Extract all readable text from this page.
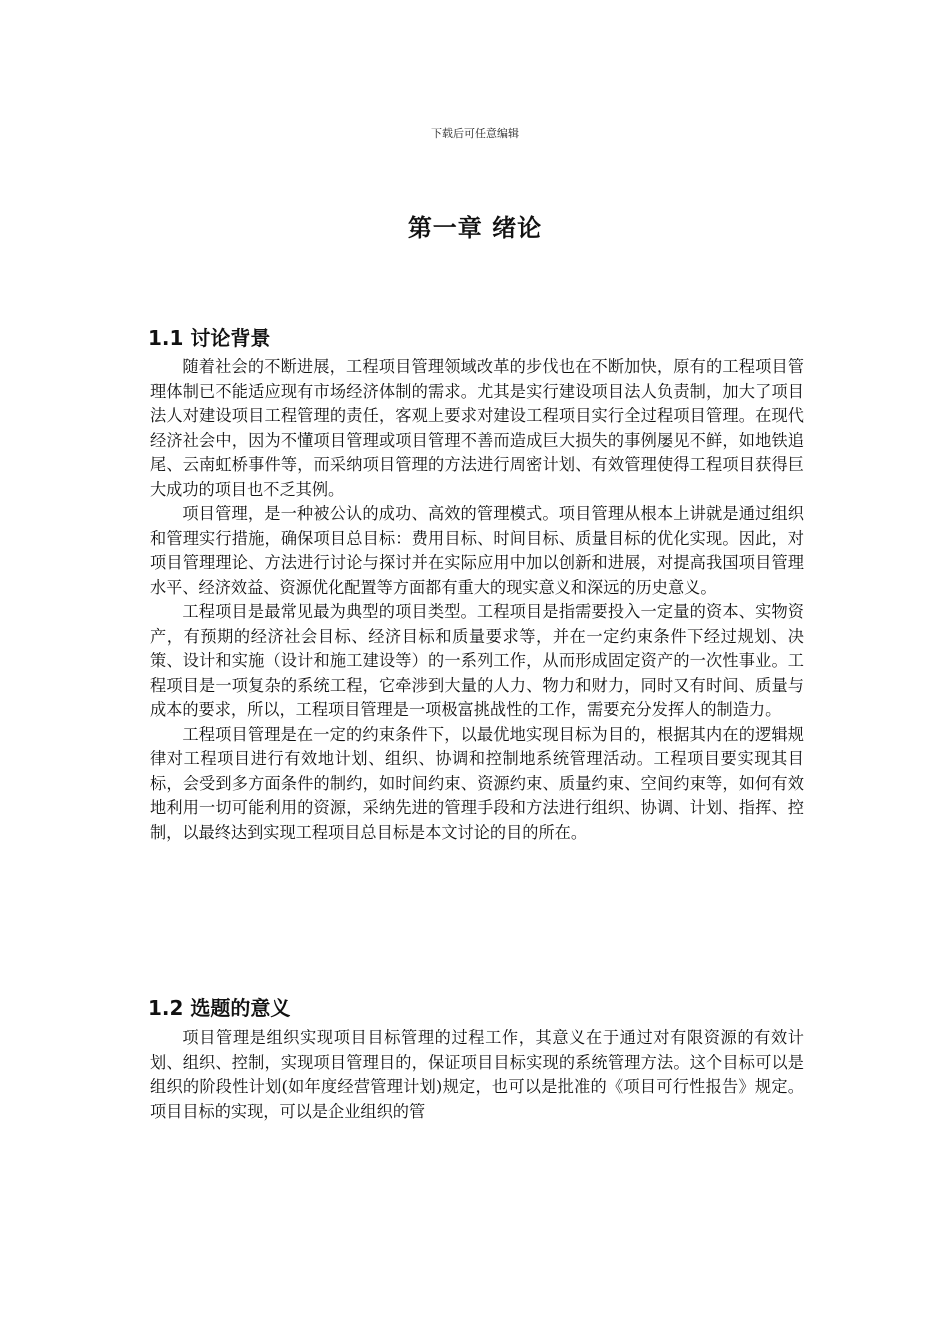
下载后可任意编辑
第一章 绪论
1.1 讨论背景

随着社会的不断进展，工程项目管理领域改革的步伐也在不断加快，原有的工程项目管理体制已不能适应现有市场经济体制的需求。尤其是实行建设项目法人负责制，加大了项目法人对建设项目工程管理的责任，客观上要求对建设工程项目实行全过程项目管理。在现代经济社会中，因为不懂项目管理或项目管理不善而造成巨大损失的事例屡见不鲜，如地铁追尾、云南虹桥事件等，而采纳项目管理的方法进行周密计划、有效管理使得工程项目获得巨大成功的项目也不乏其例。

项目管理，是一种被公认的成功、高效的管理模式。项目管理从根本上讲就是通过组织和管理实行措施，确保项目总目标：费用目标、时间目标、质量目标的优化实现。因此，对项目管理理论、方法进行讨论与探讨并在实际应用中加以创新和进展，对提高我国项目管理水平、经济效益、资源优化配置等方面都有重大的现实意义和深远的历史意义。

工程项目是最常见最为典型的项目类型。工程项目是指需要投入一定量的资本、实物资产，有预期的经济社会目标、经济目标和质量要求等，并在一定约束条件下经过规划、决策、设计和实施（设计和施工建设等）的一系列工作，从而形成固定资产的一次性事业。工程项目是一项复杂的系统工程，它牵涉到大量的人力、物力和财力，同时又有时间、质量与成本的要求，所以，工程项目管理是一项极富挑战性的工作，需要充分发挥人的制造力。

工程项目管理是在一定的约束条件下，以最优地实现目标为目的，根据其内在的逻辑规律对工程项目进行有效地计划、组织、协调和控制地系统管理活动。工程项目要实现其目标，会受到多方面条件的制约，如时间约束、资源约束、质量约束、空间约束等，如何有效地利用一切可能利用的资源，采纳先进的管理手段和方法进行组织、协调、计划、指挥、控制，以最终达到实现工程项目总目标是本文讨论的目的所在。

1.2 选题的意义

项目管理是组织实现项目目标管理的过程工作，其意义在于通过对有限资源的有效计划、组织、控制，实现项目管理目的，保证项目目标实现的系统管理方法。这个目标可以是组织的阶段性计划(如年度经营管理计划)规定，也可以是批准的《项目可行性报告》规定。项目目标的实现，可以是企业组织的管
